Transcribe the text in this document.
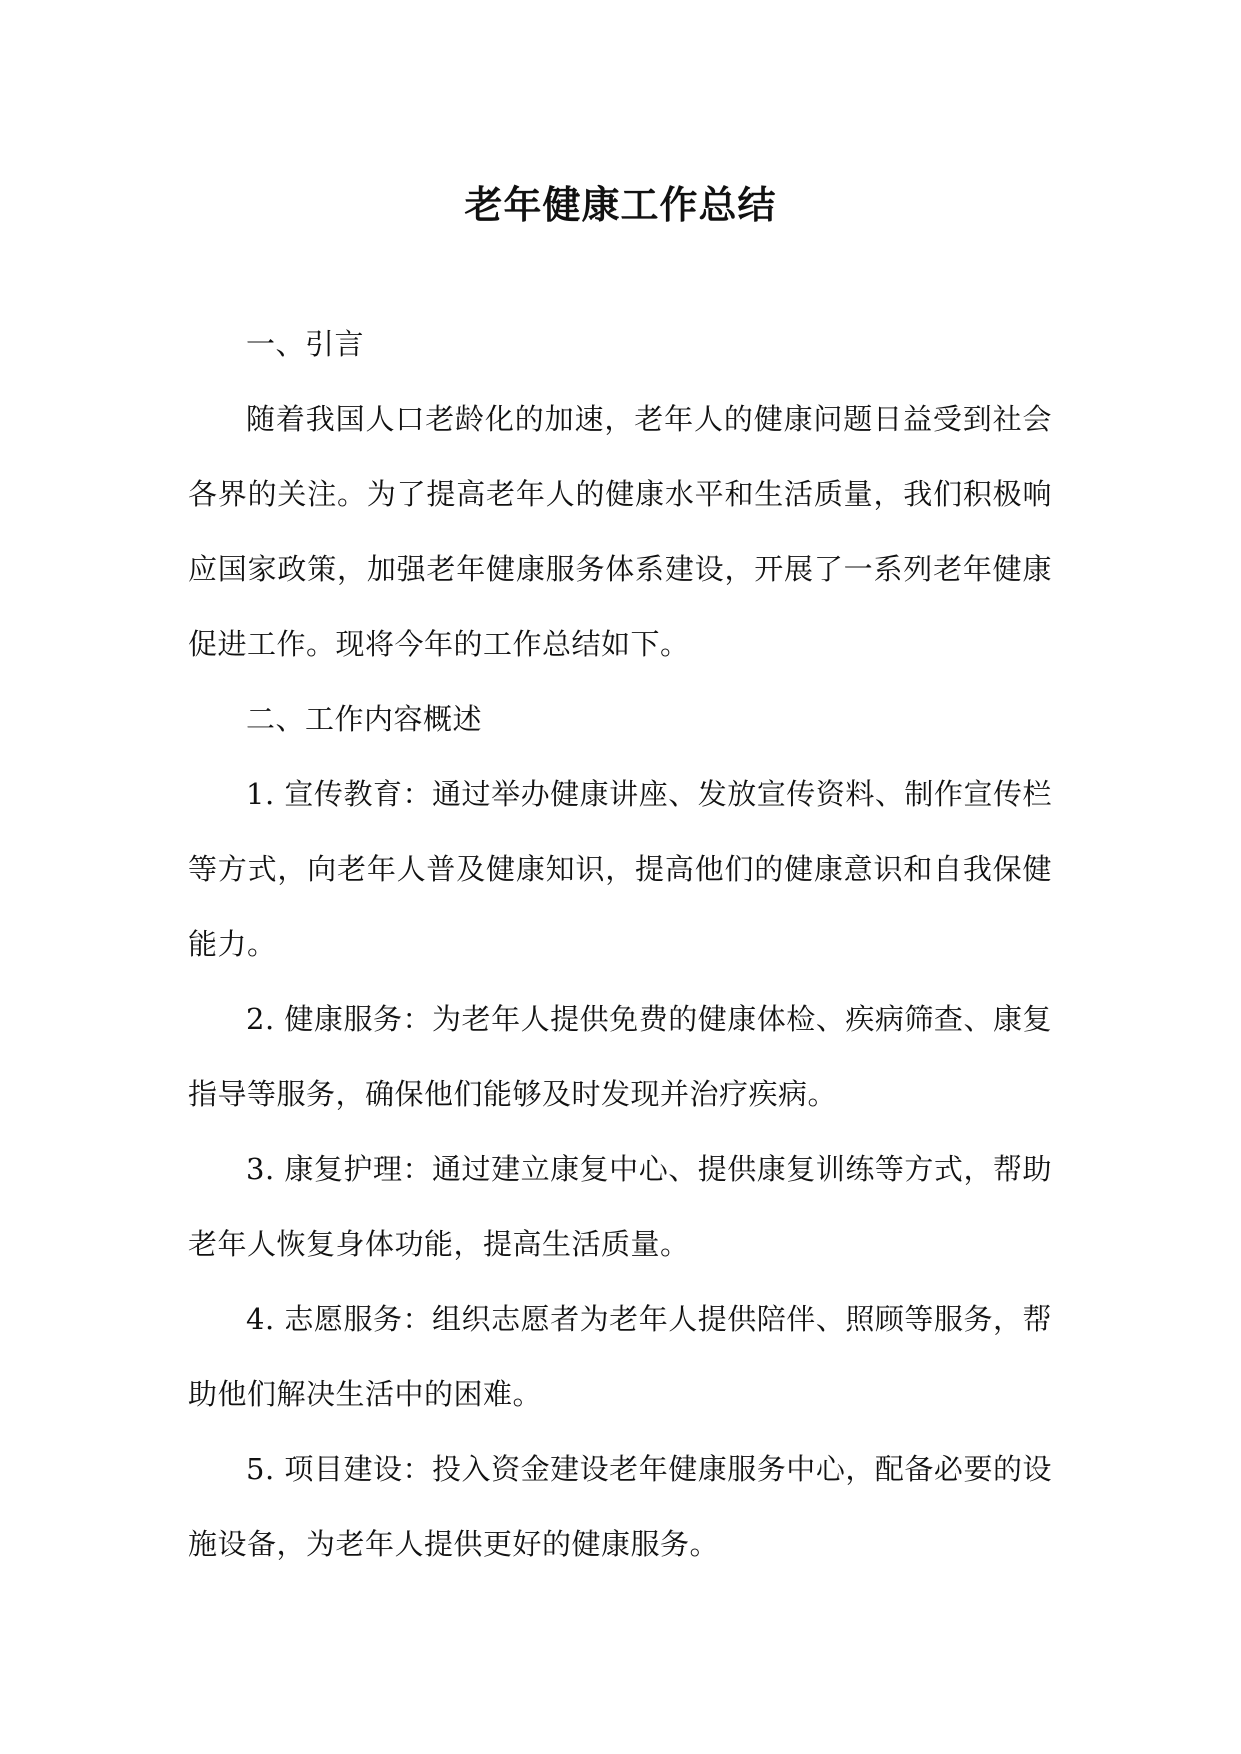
老年健康工作总结

一、引言

随着我国人口老龄化的加速，老年人的健康问题日益受到社会各界的关注。为了提高老年人的健康水平和生活质量，我们积极响应国家政策，加强老年健康服务体系建设，开展了一系列老年健康促进工作。现将今年的工作总结如下。

二、工作内容概述

1. 宣传教育：通过举办健康讲座、发放宣传资料、制作宣传栏等方式，向老年人普及健康知识，提高他们的健康意识和自我保健能力。

2. 健康服务：为老年人提供免费的健康体检、疾病筛查、康复指导等服务，确保他们能够及时发现并治疗疾病。

3. 康复护理：通过建立康复中心、提供康复训练等方式，帮助老年人恢复身体功能，提高生活质量。

4. 志愿服务：组织志愿者为老年人提供陪伴、照顾等服务，帮助他们解决生活中的困难。

5. 项目建设：投入资金建设老年健康服务中心，配备必要的设施设备，为老年人提供更好的健康服务。
